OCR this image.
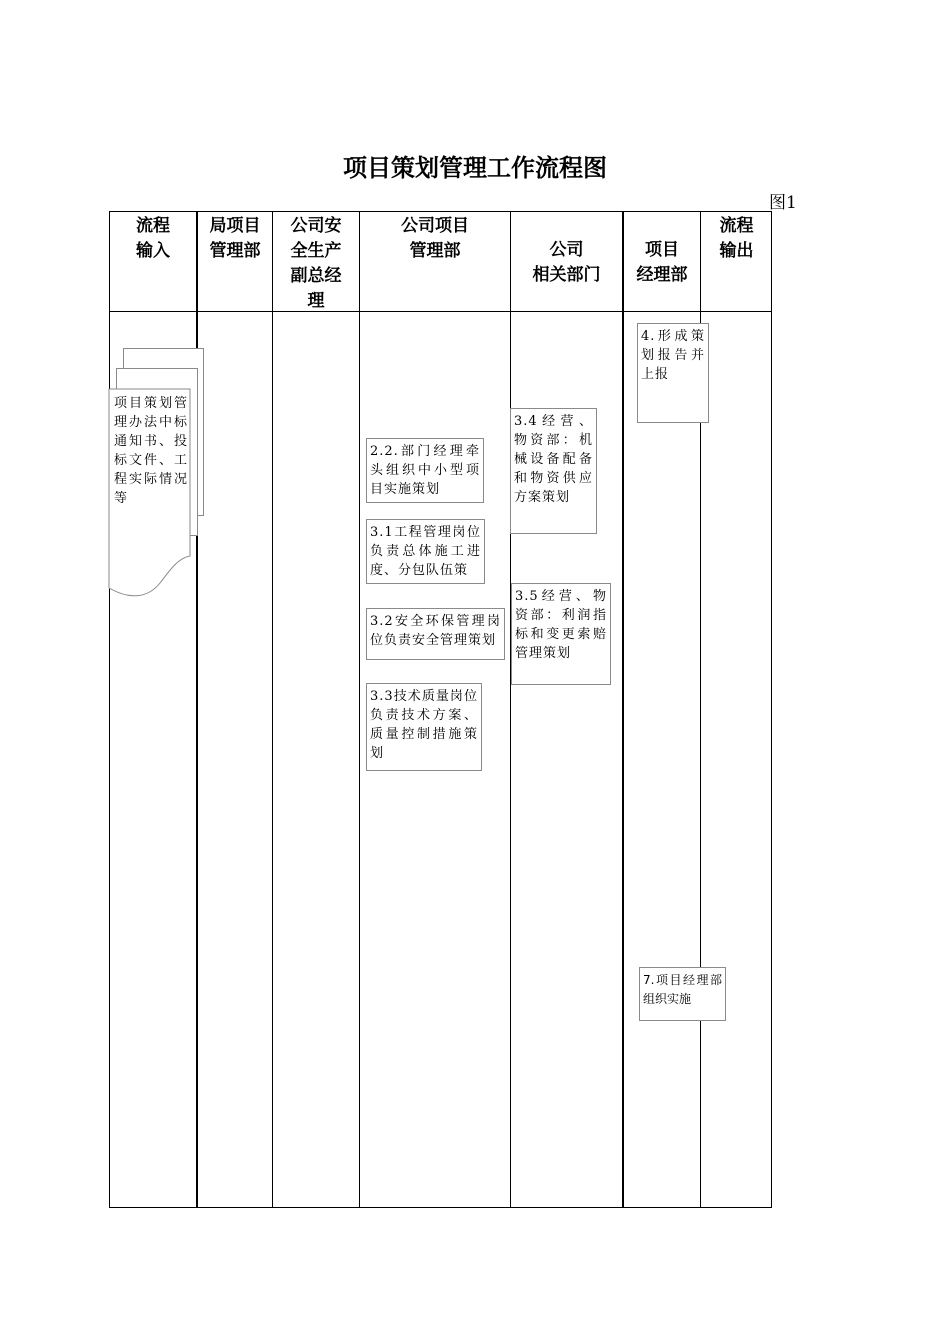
项目策划管理工作流程图
图1
流程
输入
局项目
管理部
公司安
全生产
副总经
理
公司项目
管理部	公司
相关部门
项目
经理部
流程
输出
项目策划管理办法中标通知书、投标文件、工程实际情况等
4.形成策划报告并上报
7.项目经理部组织实施
2.2.部门经理牵头组织中小型项目实施策划
3.1工程管理岗位负责总体施工进度、分包队伍策
3.2安全环保管理岗位负责安全管理策划
3.3技术质量岗位负责技术方案、质量控制措施策划
3.4经营、物资部：机械设备配备和物资供应方案策划
3.5经营、物资部：利润指标和变更索赔管理策划
